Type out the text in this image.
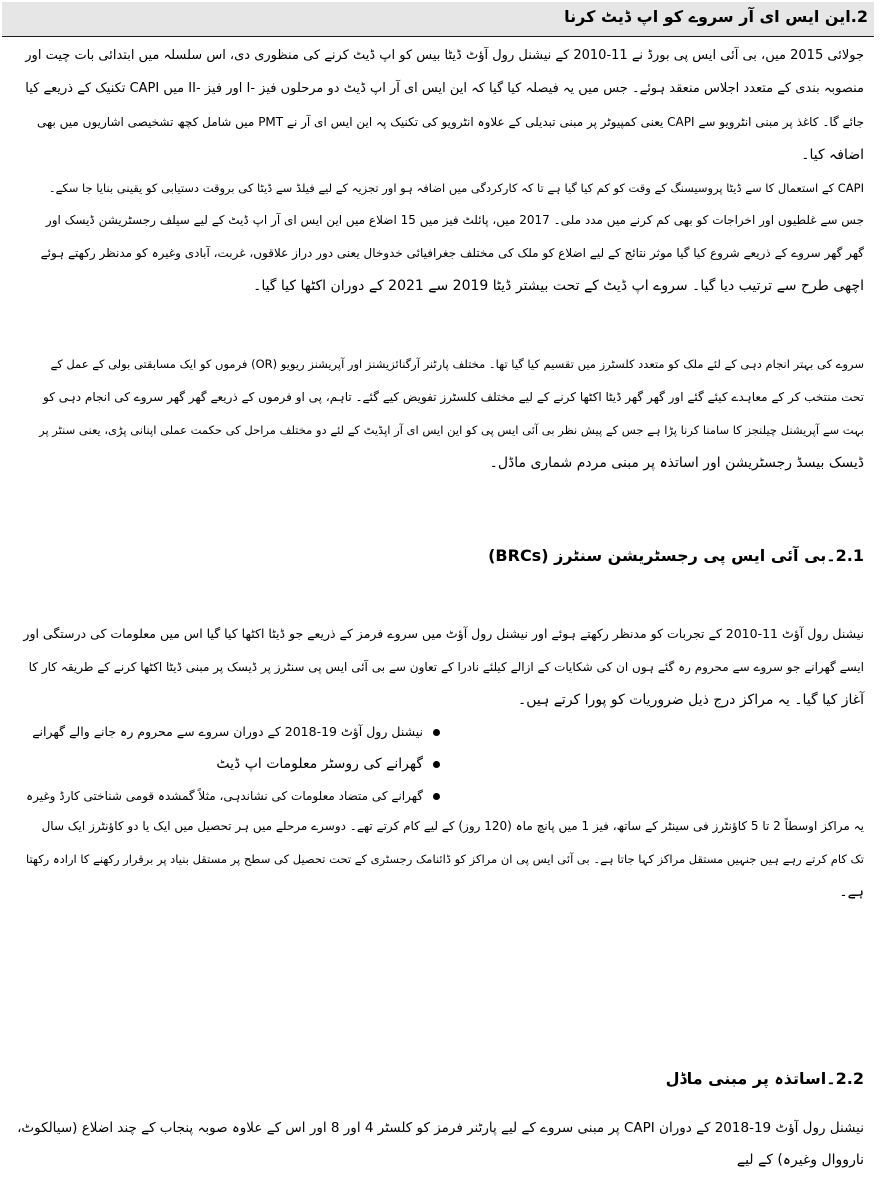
2.این ایس ای آر سروے کو اپ ڈیٹ کرنا
جولائی 2015 میں، بی آئی ایس پی بورڈ نے 11-2010 کے نیشنل رول آؤٹ ڈیٹا بیس کو اپ ڈیٹ کرنے کی منظوری دی، اس سلسلہ میں ابتدائی بات چیت اور
منصوبہ بندی کے متعدد اجلاس منعقد ہوئے۔ جس میں یہ فیصلہ کیا گیا کہ این ایس ای آر اپ ڈیٹ دو مرحلوں فیز -I اور فیز -II میں CAPI تکنیک کے ذریعے کیا
جائے گا۔ کاغذ پر مبنی انٹرویو سے CAPI یعنی کمپیوٹر پر مبنی تبدیلی کے علاوہ انٹرویو کی تکنیک پہ این ایس ای آر نے PMT میں شامل کچھ تشخیصی اشاریوں میں بھی
اضافہ کیا۔
CAPI کے استعمال کا سے ڈیٹا پروسیسنگ کے وقت کو کم کیا گیا ہے تا کہ کارکردگی میں اضافہ ہو اور تجزیہ کے لیے فیلڈ سے ڈیٹا کی بروقت دستیابی کو یقینی بنایا جا سکے۔
جس سے غلطیوں اور اخراجات کو بھی کم کرنے میں مدد ملی۔ 2017 میں، پائلٹ فیز میں 15 اضلاع میں این ایس ای آر اپ ڈیٹ کے لیے سیلف رجسٹریشن ڈیسک اور
گھر گھر سروے کے ذریعے شروع کیا گیا موثر نتائج کے لیے اضلاع کو ملک کی مختلف جغرافیائی خدوخال یعنی دور دراز علاقوں، غربت، آبادی وغیرہ کو مدنظر رکھتے ہوئے
اچھی طرح سے ترتیب دیا گیا۔ سروے اپ ڈیٹ کے تحت بیشتر ڈیٹا 2019 سے 2021 کے دوران اکٹھا کیا گیا۔
سروے کی بہتر انجام دہی کے لئے ملک کو متعدد کلسٹرز میں تقسیم کیا گیا تھا۔ مختلف پارٹنر آرگنائزیشنز اور آپریشنز ریویو (OR) فرموں کو ایک مسابقتی بولی کے عمل کے
تحت منتخب کر کے معاہدے کیئے گئے اور گھر گھر ڈیٹا اکٹھا کرنے کے لیے مختلف کلسٹرز تفویض کیے گئے۔ تاہم، پی او فرموں کے ذریعے گھر گھر سروے کی انجام دہی کو
بہت سے آپریشنل چیلنجز کا سامنا کرنا پڑا ہے جس کے پیش نظر بی آئی ایس پی کو این ایس ای آر اپڈیٹ کے لئے دو مختلف مراحل کی حکمت عملی اپنانی پڑی، یعنی سنٹر پر
ڈیسک بیسڈ رجسٹریشن اور اساتذہ پر مبنی مردم شماری ماڈل۔
2.1۔بی آئی ایس پی رجسٹریشن سنٹرز (BRCs)
نیشنل رول آؤٹ 11-2010 کے تجربات کو مدنظر رکھتے ہوئے اور نیشنل رول آؤٹ میں سروے فرمز کے ذریعے جو ڈیٹا اکٹھا کیا گیا اس میں معلومات کی درستگی اور
ایسے گھرانے جو سروے سے محروم رہ گئے ہوں ان کی شکایات کے ازالے کیلئے نادرا کے تعاون سے بی آئی ایس پی سنٹرز پر ڈیسک پر مبنی ڈیٹا اکٹھا کرنے کے طریقہ کار کا
آغاز کیا گیا۔ یہ مراکز درج ذیل ضروریات کو پورا کرتے ہیں۔
نیشنل رول آؤٹ 19-2018 کے دوران سروے سے محروم رہ جانے والے گھرانے
گھرانے کی روسٹر معلومات اپ ڈیٹ
گھرانے کی متضاد معلومات کی نشاندہی، مثلاً گمشدہ قومی شناختی کارڈ وغیرہ
یہ مراکز اوسطاً 2 تا 5 کاؤنٹرز فی سینٹر کے ساتھ، فیز 1 میں پانچ ماہ (120 روز) کے لیے کام کرتے تھے۔ دوسرے مرحلے میں ہر تحصیل میں ایک یا دو کاؤنٹرز ایک سال
تک کام کرتے رہے ہیں جنہیں مستقل مراکز کہا جاتا ہے۔ بی آئی ایس پی ان مراکز کو ڈائنامک رجسٹری کے تحت تحصیل کی سطح پر مستقل بنیاد پر برقرار رکھنے کا ارادہ رکھتا
ہے۔
2.2۔اساتذہ پر مبنی ماڈل
نیشنل رول آؤٹ 19-2018 کے دوران CAPI پر مبنی سروے کے لیے پارٹنر فرمز کو کلسٹر 4 اور 8 اور اس کے علاوہ صوبہ پنجاب کے چند اضلاع (سیالکوٹ،
نارووال وغیرہ) کے لیے
